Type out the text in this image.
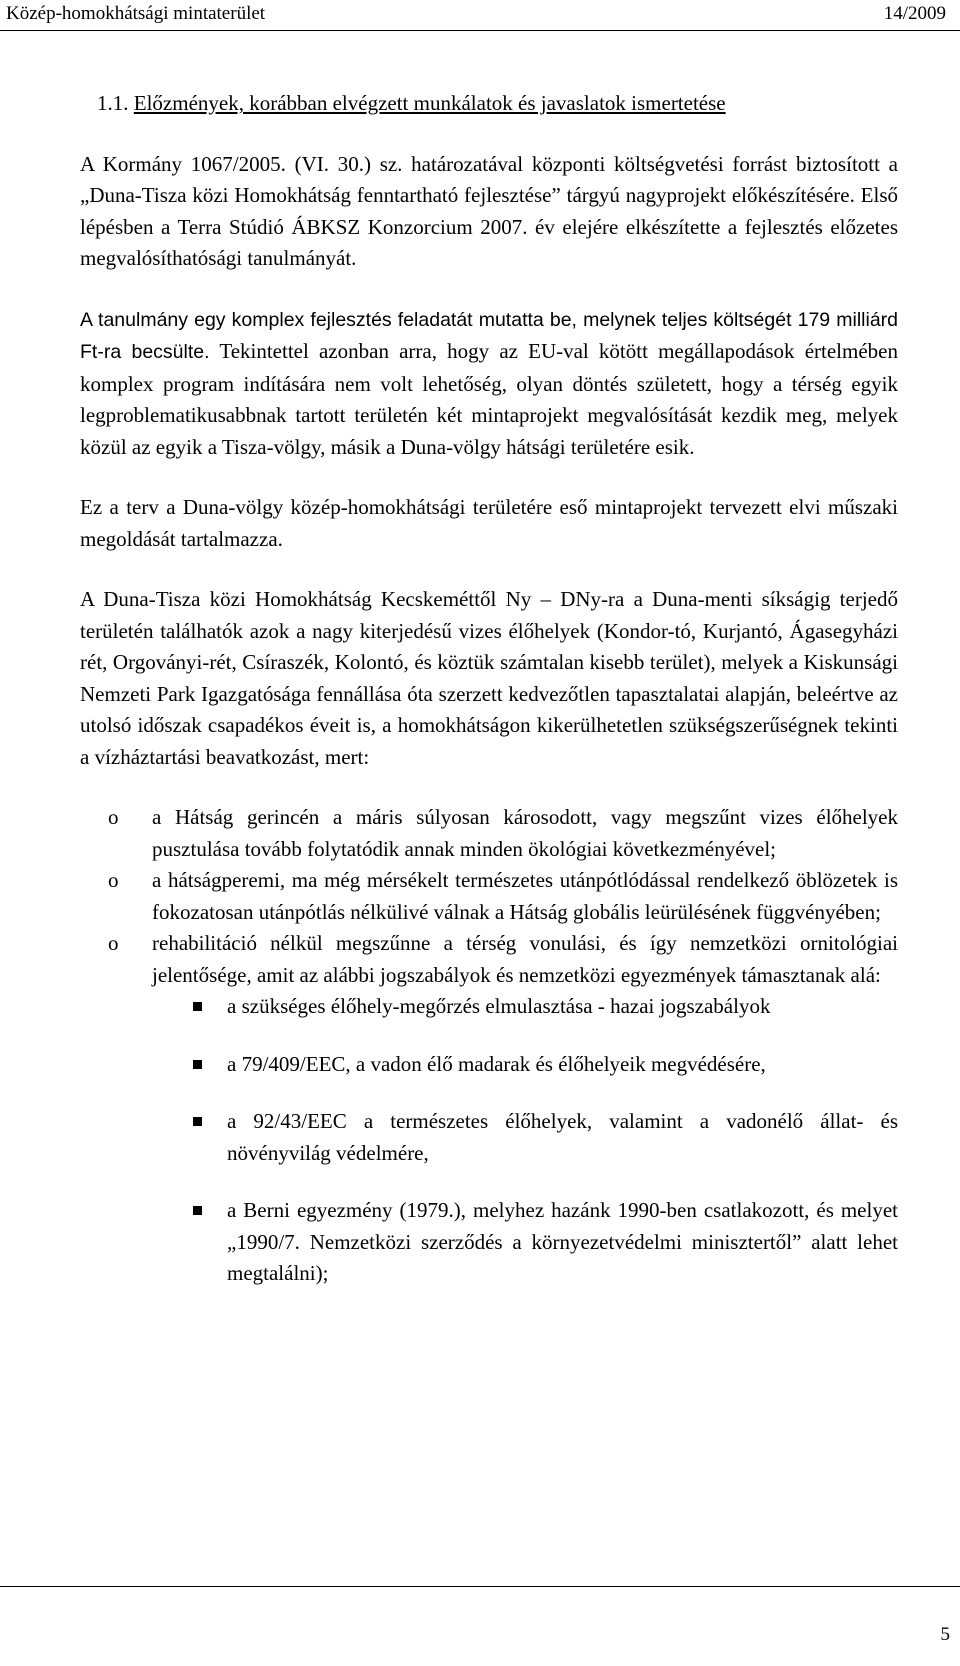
Közép-homokhátsági mintaterület	14/2009
1.1. Előzmények, korábban elvégzett munkálatok és javaslatok ismertetése

A Kormány 1067/2005. (VI. 30.) sz. határozatával központi költségvetési forrást biztosított a „Duna-Tisza közi Homokhátság fenntartható fejlesztése” tárgyú nagyprojekt előkészítésére. Első lépésben a Terra Stúdió ÁBKSZ Konzorcium 2007. év elejére elkészítette a fejlesztés előzetes megvalósíthatósági tanulmányát.

A tanulmány egy komplex fejlesztés feladatát mutatta be, melynek teljes költségét 179 milliárd Ft-ra becsülte. Tekintettel azonban arra, hogy az EU-val kötött megállapodások értelmében komplex program indítására nem volt lehetőség, olyan döntés született, hogy a térség egyik legproblematikusabbnak tartott területén két mintaprojekt megvalósítását kezdik meg, melyek közül az egyik a Tisza-völgy, másik a Duna-völgy hátsági területére esik.

Ez a terv a Duna-völgy közép-homokhátsági területére eső mintaprojekt tervezett elvi műszaki megoldását tartalmazza.

A Duna-Tisza közi Homokhátság Kecskeméttől Ny – DNy-ra a Duna-menti síkságig terjedő területén találhatók azok a nagy kiterjedésű vizes élőhelyek (Kondor-tó, Kurjantó, Ágasegyházi rét, Orgoványi-rét, Csíraszék, Kolontó, és köztük számtalan kisebb terület), melyek a Kiskunsági Nemzeti Park Igazgatósága fennállása óta szerzett kedvezőtlen tapasztalatai alapján, beleértve az utolsó időszak csapadékos éveit is, a homokhátságon kikerülhetetlen szükségszerűségnek tekinti a vízháztartási beavatkozást, mert:

o a Hátság gerincén a máris súlyosan károsodott, vagy megszűnt vizes élőhelyek pusztulása tovább folytatódik annak minden ökológiai következményével;
o a hátságperemi, ma még mérsékelt természetes utánpótlódással rendelkező öblözetek is fokozatosan utánpótlás nélkülivé válnak a Hátság globális leürülésének függvényében;
o rehabilitáció nélkül megszűnne a térség vonulási, és így nemzetközi ornitológiai jelentősége, amit az alábbi jogszabályok és nemzetközi egyezmények támasztanak alá:
a szükséges élőhely-megőrzés elmulasztása - hazai jogszabályok
a 79/409/EEC, a vadon élő madarak és élőhelyeik megvédésére,
a 92/43/EEC a természetes élőhelyek, valamint a vadonélő állat- és növényvilág védelmére,
a Berni egyezmény (1979.), melyhez hazánk 1990-ben csatlakozott, és melyet „1990/7. Nemzetközi szerződés a környezetvédelmi minisztertől” alatt lehet megtalálni);
5
